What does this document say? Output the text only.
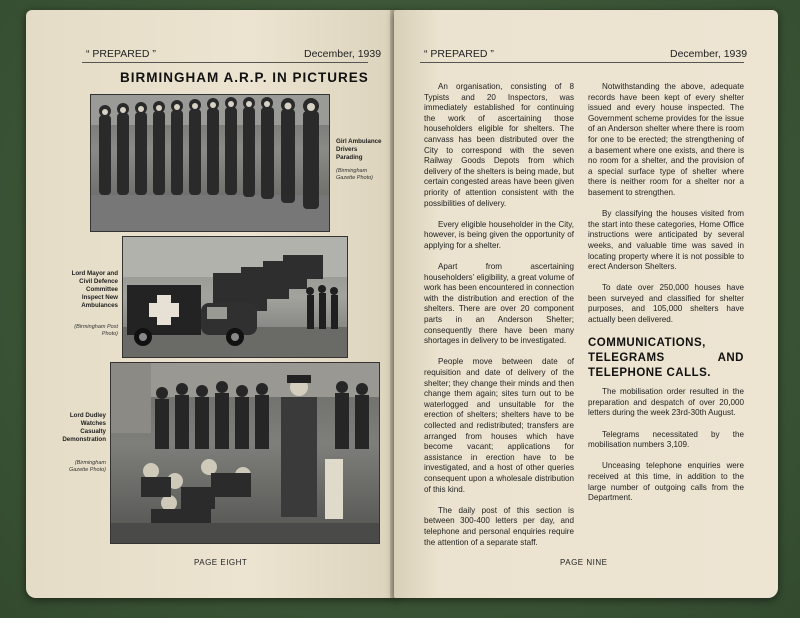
“ PREPARED ”	December, 1939
BIRMINGHAM A.R.P. IN PICTURES
Girl Ambulance Drivers Parading
(Birmingham Gazette Photo)
Lord Mayor and Civil Defence Committee Inspect New Ambulances
(Birmingham Post Photo)
Lord Dudley Watches Casualty Demonstration
(Birmingham Gazette Photo)
PAGE EIGHT
“ PREPARED ”	December, 1939

An organisation, consisting of 8 Typists and 20 Inspectors, was immediately established for continuing the work of ascertaining those householders eligible for shelters. The canvass has been distributed over the City to correspond with the seven Railway Goods Depots from which delivery of the shelters is being made, but certain congested areas have been given priority of attention consistent with the possibilities of delivery.

Every eligible householder in the City, however, is being given the opportunity of applying for a shelter.

Apart from ascertaining householders’ eligibility, a great volume of work has been encountered in connection with the distribution and erection of the shelters. There are over 20 component parts in an Anderson Shelter; consequently there have been many shortages in delivery to be investigated.

People move between date of requisition and date of delivery of the shelter; they change their minds and then change them again; sites turn out to be waterlogged and unsuitable for the erection of shelters; shelters have to be collected and redistributed; transfers are arranged from houses which have become vacant; applications for assistance in erection have to be investigated, and a host of other queries consequent upon a wholesale distribution of this kind.

The daily post of this section is between 300-400 letters per day, and telephone and personal enquiries require the attention of a separate staff.

Notwithstanding the above, adequate records have been kept of every shelter issued and every house inspected. The Government scheme provides for the issue of an Anderson shelter where there is room for one to be erected; the strengthening of a basement where one exists, and there is no room for a shelter, and the provision of a special surface type of shelter where there is neither room for a shelter nor a basement to strengthen.

By classifying the houses visited from the start into these categories, Home Office instructions were anticipated by several weeks, and valuable time was saved in locating property where it is not possible to erect Anderson Shelters.

To date over 250,000 houses have been surveyed and classified for shelter purposes, and 105,000 shelters have actually been delivered.

COMMUNICATIONS, TELEGRAMS AND TELEPHONE CALLS.

The mobilisation order resulted in the preparation and despatch of over 20,000 letters during the week 23rd-30th August.

Telegrams necessitated by the mobilisation numbers 3,109.

Unceasing telephone enquiries were received at this time, in addition to the large number of outgoing calls from the Department.

PAGE NINE
